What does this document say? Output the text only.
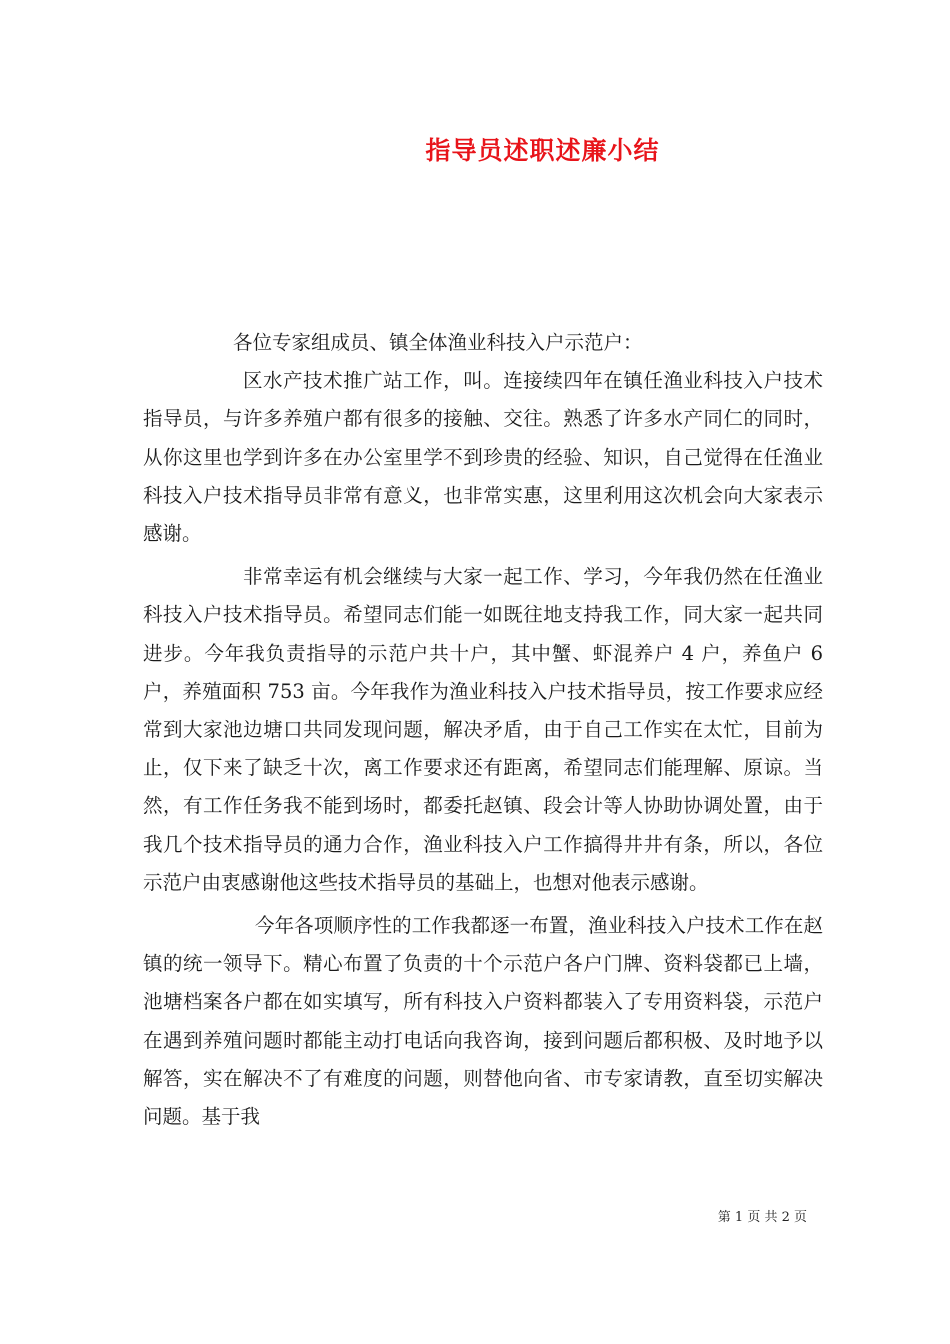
指导员述职述廉小结

各位专家组成员、镇全体渔业科技入户示范户：

区水产技术推广站工作，叫。连接续四年在镇任渔业科技入户技术指导员，与许多养殖户都有很多的接触、交往。熟悉了许多水产同仁的同时，从你这里也学到许多在办公室里学不到珍贵的经验、知识，自己觉得在任渔业科技入户技术指导员非常有意义，也非常实惠，这里利用这次机会向大家表示感谢。

非常幸运有机会继续与大家一起工作、学习，今年我仍然在任渔业科技入户技术指导员。希望同志们能一如既往地支持我工作，同大家一起共同进步。今年我负责指导的示范户共十户，其中蟹、虾混养户 4 户，养鱼户 6 户，养殖面积 753 亩。今年我作为渔业科技入户技术指导员，按工作要求应经常到大家池边塘口共同发现问题，解决矛盾，由于自己工作实在太忙，目前为止，仅下来了缺乏十次，离工作要求还有距离，希望同志们能理解、原谅。当然，有工作任务我不能到场时，都委托赵镇、段会计等人协助协调处置，由于我几个技术指导员的通力合作，渔业科技入户工作搞得井井有条，所以，各位示范户由衷感谢他这些技术指导员的基础上，也想对他表示感谢。

今年各项顺序性的工作我都逐一布置，渔业科技入户技术工作在赵镇的统一领导下。精心布置了负责的十个示范户各户门牌、资料袋都已上墙，池塘档案各户都在如实填写，所有科技入户资料都装入了专用资料袋，示范户在遇到养殖问题时都能主动打电话向我咨询，接到问题后都积极、及时地予以解答，实在解决不了有难度的问题，则替他向省、市专家请教，直至切实解决问题。基于我

第 1 页 共 2 页
